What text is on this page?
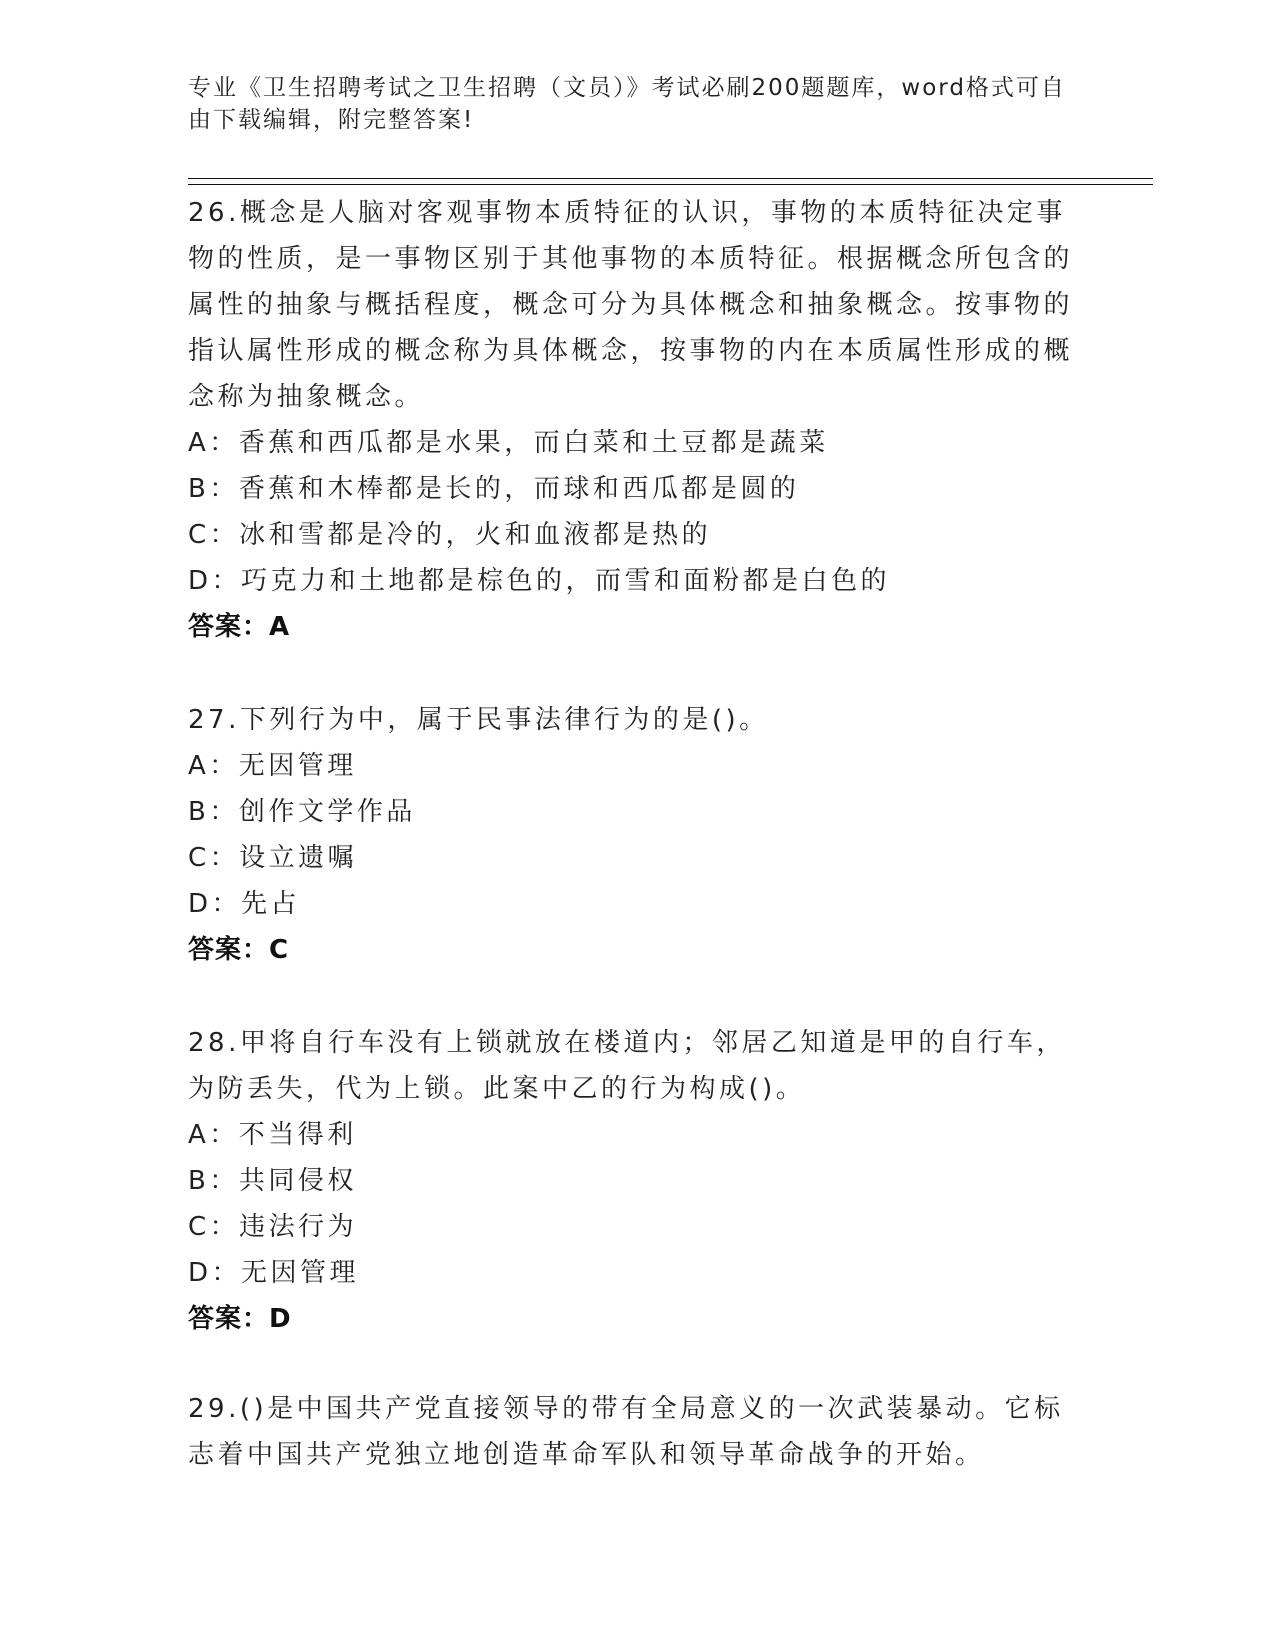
专业《卫生招聘考试之卫生招聘（文员）》考试必刷200题题库，word格式可自由下载编辑，附完整答案!

26.概念是人脑对客观事物本质特征的认识，事物的本质特征决定事物的性质，是一事物区别于其他事物的本质特征。根据概念所包含的属性的抽象与概括程度，概念可分为具体概念和抽象概念。按事物的指认属性形成的概念称为具体概念，按事物的内在本质属性形成的概念称为抽象概念。

A：香蕉和西瓜都是水果，而白菜和土豆都是蔬菜

B：香蕉和木棒都是长的，而球和西瓜都是圆的

C：冰和雪都是冷的，火和血液都是热的

D：巧克力和土地都是棕色的，而雪和面粉都是白色的

答案：A

27.下列行为中，属于民事法律行为的是()。

A：无因管理

B：创作文学作品

C：设立遗嘱

D：先占

答案：C

28.甲将自行车没有上锁就放在楼道内；邻居乙知道是甲的自行车，为防丢失，代为上锁。此案中乙的行为构成()。

A：不当得利

B：共同侵权

C：违法行为

D：无因管理

答案：D

29.()是中国共产党直接领导的带有全局意义的一次武装暴动。它标志着中国共产党独立地创造革命军队和领导革命战争的开始。
